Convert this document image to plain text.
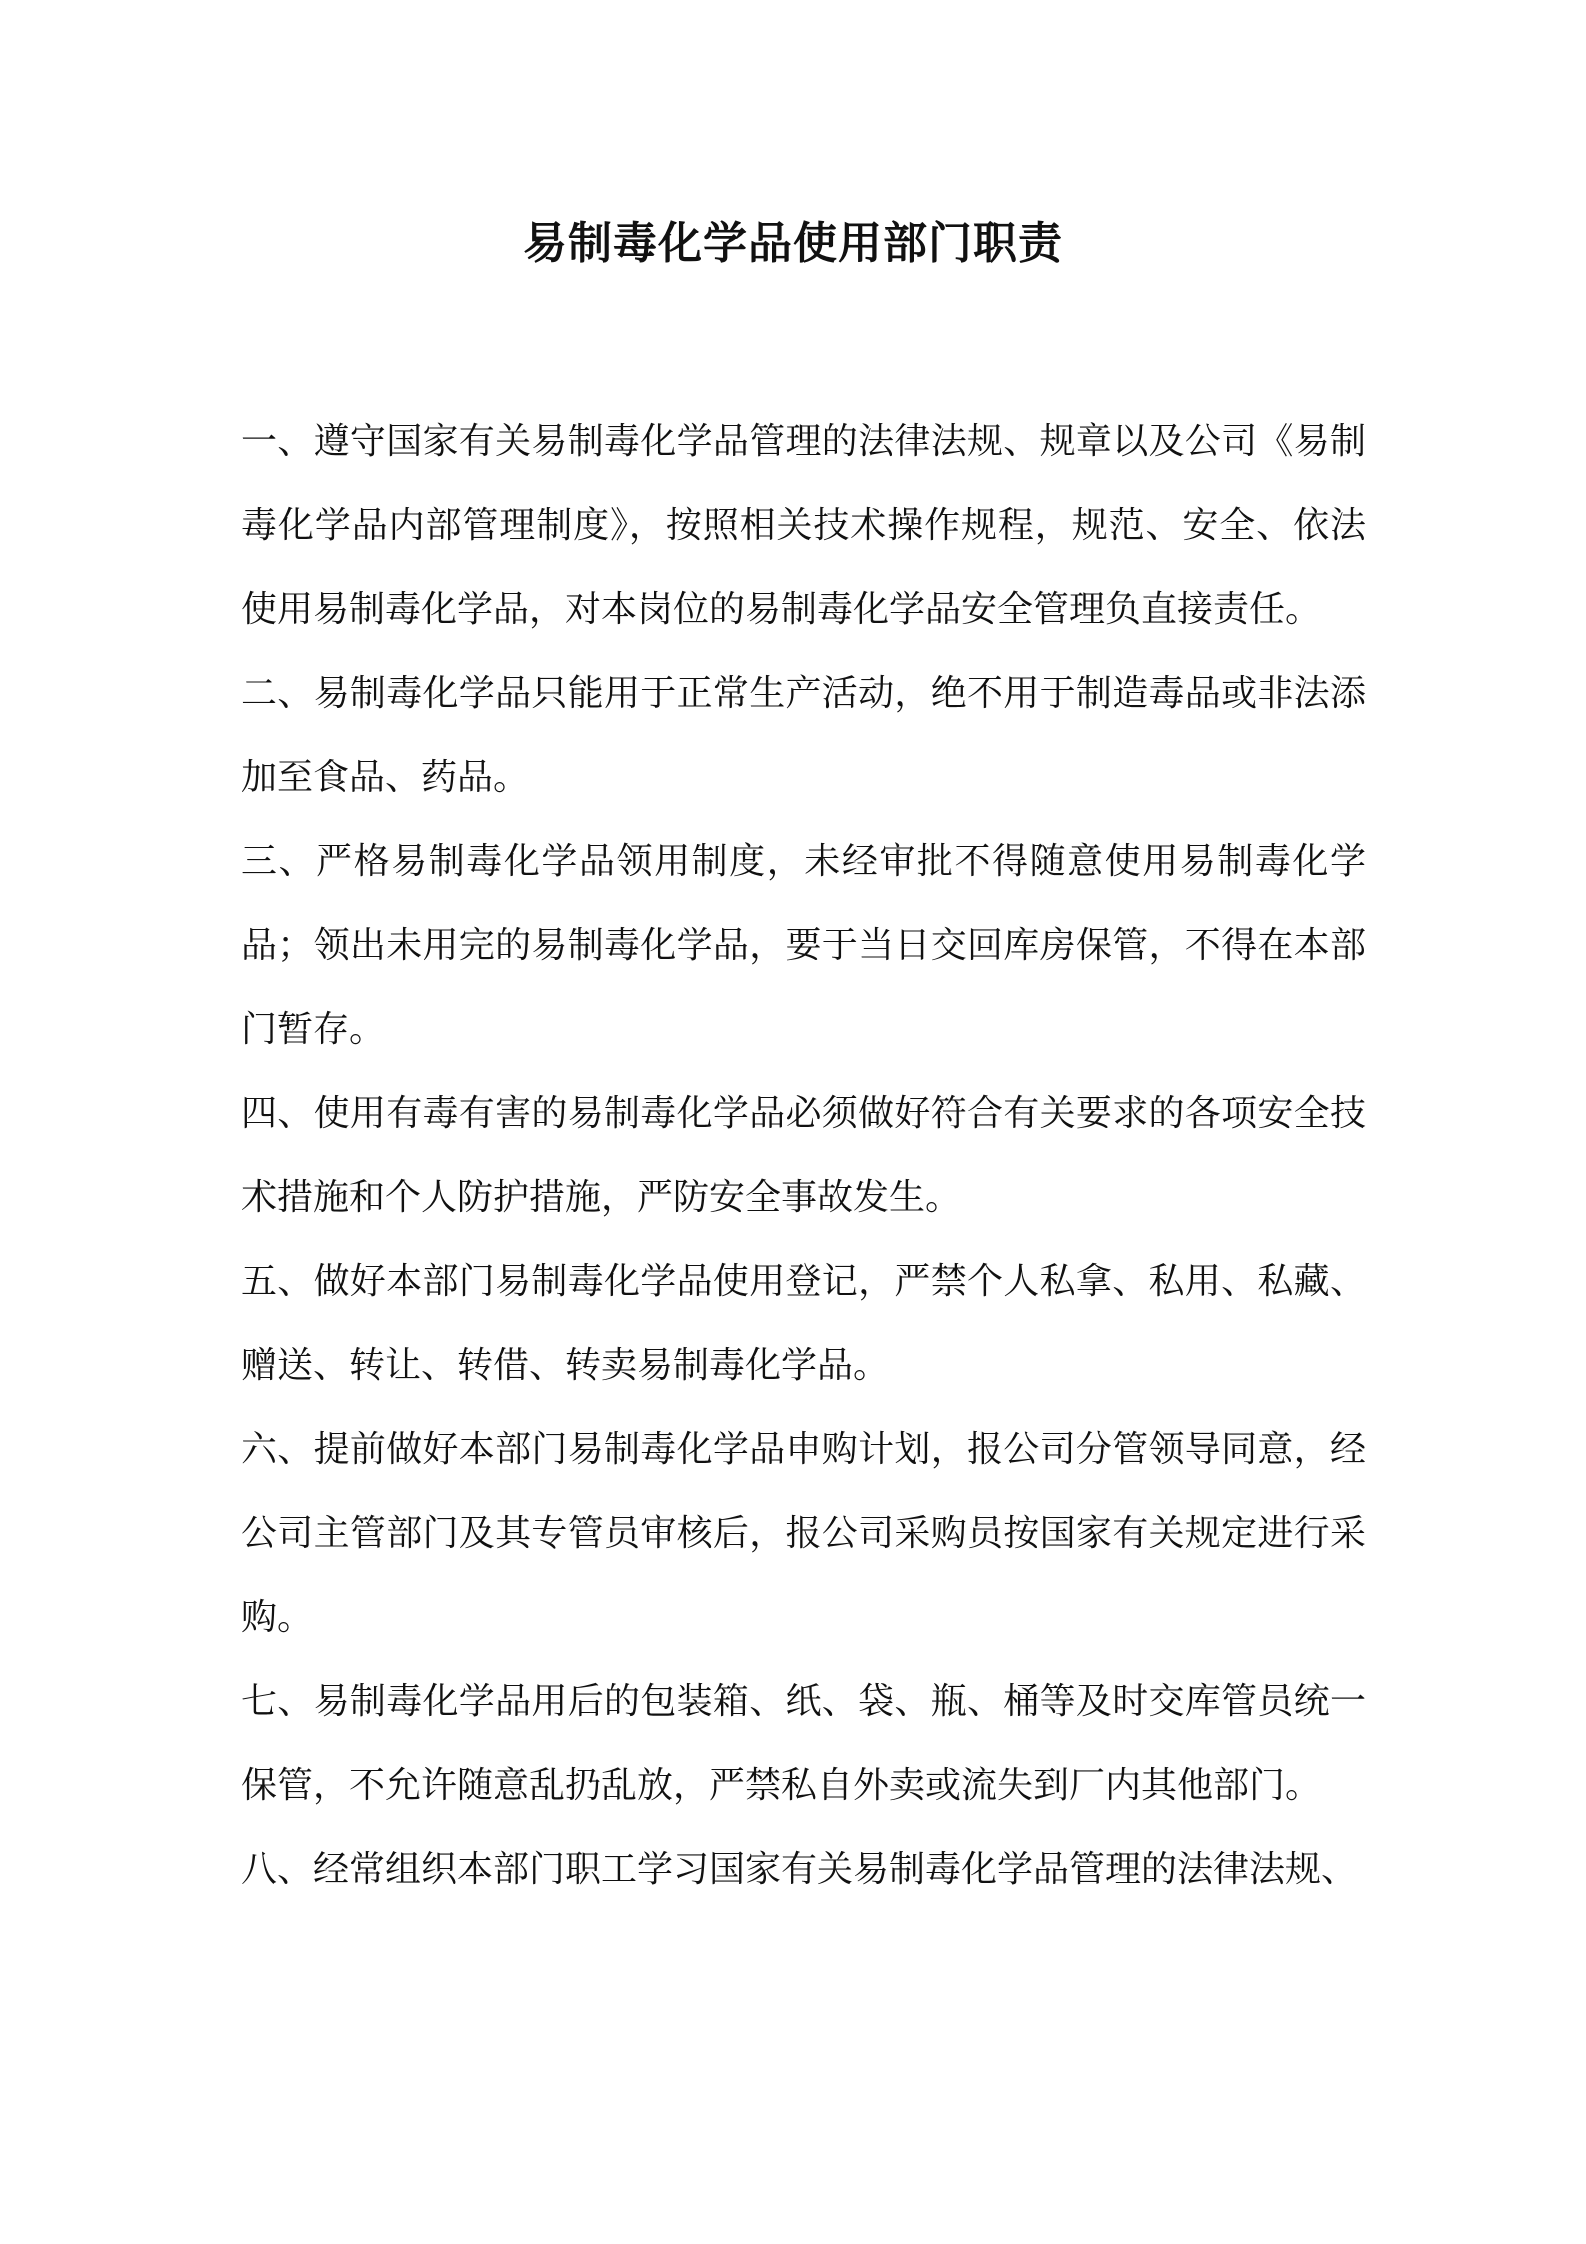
易制毒化学品使用部门职责

一、遵守国家有关易制毒化学品管理的法律法规、规章以及公司《易制毒化学品内部管理制度》，按照相关技术操作规程，规范、安全、依法使用易制毒化学品，对本岗位的易制毒化学品安全管理负直接责任。

二、易制毒化学品只能用于正常生产活动，绝不用于制造毒品或非法添加至食品、药品。

三、严格易制毒化学品领用制度，未经审批不得随意使用易制毒化学品；领出未用完的易制毒化学品，要于当日交回库房保管，不得在本部门暂存。

四、使用有毒有害的易制毒化学品必须做好符合有关要求的各项安全技术措施和个人防护措施，严防安全事故发生。

五、做好本部门易制毒化学品使用登记，严禁个人私拿、私用、私藏、赠送、转让、转借、转卖易制毒化学品。

六、提前做好本部门易制毒化学品申购计划，报公司分管领导同意，经公司主管部门及其专管员审核后，报公司采购员按国家有关规定进行采购。

七、易制毒化学品用后的包装箱、纸、袋、瓶、桶等及时交库管员统一保管，不允许随意乱扔乱放，严禁私自外卖或流失到厂内其他部门。

八、经常组织本部门职工学习国家有关易制毒化学品管理的法律法规、
